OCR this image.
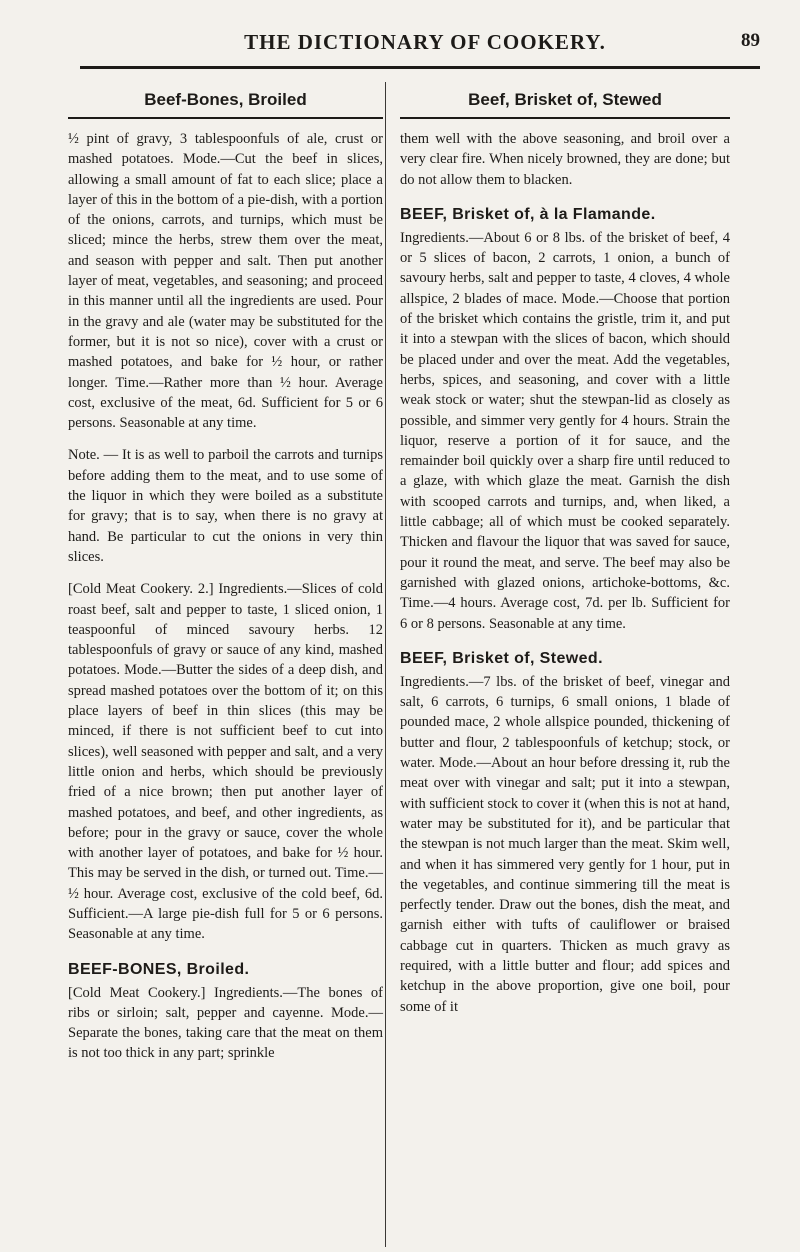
THE DICTIONARY OF COOKERY.	89
Beef-Bones, Broiled

½ pint of gravy, 3 tablespoonfuls of ale, crust or mashed potatoes. Mode.—Cut the beef in slices, allowing a small amount of fat to each slice; place a layer of this in the bottom of a pie-dish, with a portion of the onions, carrots, and turnips, which must be sliced; mince the herbs, strew them over the meat, and season with pepper and salt. Then put another layer of meat, vegetables, and seasoning; and proceed in this manner until all the ingredients are used. Pour in the gravy and ale (water may be substituted for the former, but it is not so nice), cover with a crust or mashed potatoes, and bake for ½ hour, or rather longer. Time.—Rather more than ½ hour. Average cost, exclusive of the meat, 6d. Sufficient for 5 or 6 persons. Seasonable at any time.

Note. — It is as well to parboil the carrots and turnips before adding them to the meat, and to use some of the liquor in which they were boiled as a substitute for gravy; that is to say, when there is no gravy at hand. Be particular to cut the onions in very thin slices.

[Cold Meat Cookery. 2.] Ingredients.—Slices of cold roast beef, salt and pepper to taste, 1 sliced onion, 1 teaspoonful of minced savoury herbs. 12 tablespoonfuls of gravy or sauce of any kind, mashed potatoes. Mode.—Butter the sides of a deep dish, and spread mashed potatoes over the bottom of it; on this place layers of beef in thin slices (this may be minced, if there is not sufficient beef to cut into slices), well seasoned with pepper and salt, and a very little onion and herbs, which should be previously fried of a nice brown; then put another layer of mashed potatoes, and beef, and other ingredients, as before; pour in the gravy or sauce, cover the whole with another layer of potatoes, and bake for ½ hour. This may be served in the dish, or turned out. Time.—½ hour. Average cost, exclusive of the cold beef, 6d. Sufficient.—A large pie-dish full for 5 or 6 persons. Seasonable at any time.

BEEF-BONES, Broiled.

[Cold Meat Cookery.] Ingredients.—The bones of ribs or sirloin; salt, pepper and cayenne. Mode.—Separate the bones, taking care that the meat on them is not too thick in any part; sprinkle

Beef, Brisket of, Stewed

them well with the above seasoning, and broil over a very clear fire. When nicely browned, they are done; but do not allow them to blacken.

BEEF, Brisket of, à la Flamande.

Ingredients.—About 6 or 8 lbs. of the brisket of beef, 4 or 5 slices of bacon, 2 carrots, 1 onion, a bunch of savoury herbs, salt and pepper to taste, 4 cloves, 4 whole allspice, 2 blades of mace. Mode.—Choose that portion of the brisket which contains the gristle, trim it, and put it into a stewpan with the slices of bacon, which should be placed under and over the meat. Add the vegetables, herbs, spices, and seasoning, and cover with a little weak stock or water; shut the stewpan-lid as closely as possible, and simmer very gently for 4 hours. Strain the liquor, reserve a portion of it for sauce, and the remainder boil quickly over a sharp fire until reduced to a glaze, with which glaze the meat. Garnish the dish with scooped carrots and turnips, and, when liked, a little cabbage; all of which must be cooked separately. Thicken and flavour the liquor that was saved for sauce, pour it round the meat, and serve. The beef may also be garnished with glazed onions, artichoke-bottoms, &c. Time.—4 hours. Average cost, 7d. per lb. Sufficient for 6 or 8 persons. Seasonable at any time.

BEEF, Brisket of, Stewed.

Ingredients.—7 lbs. of the brisket of beef, vinegar and salt, 6 carrots, 6 turnips, 6 small onions, 1 blade of pounded mace, 2 whole allspice pounded, thickening of butter and flour, 2 tablespoonfuls of ketchup; stock, or water. Mode.—About an hour before dressing it, rub the meat over with vinegar and salt; put it into a stewpan, with sufficient stock to cover it (when this is not at hand, water may be substituted for it), and be particular that the stewpan is not much larger than the meat. Skim well, and when it has simmered very gently for 1 hour, put in the vegetables, and continue simmering till the meat is perfectly tender. Draw out the bones, dish the meat, and garnish either with tufts of cauliflower or braised cabbage cut in quarters. Thicken as much gravy as required, with a little butter and flour; add spices and ketchup in the above proportion, give one boil, pour some of it
